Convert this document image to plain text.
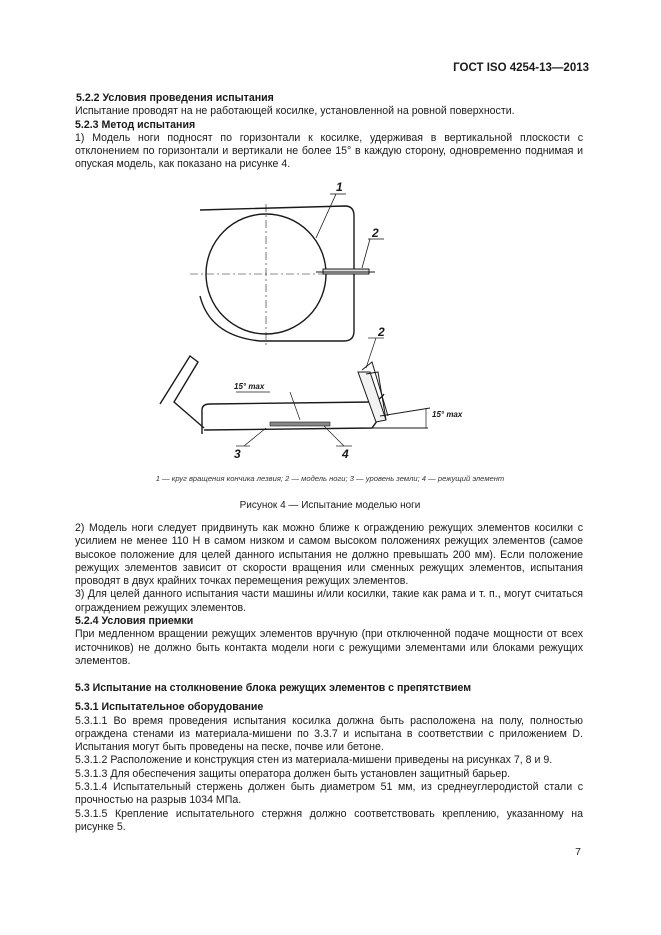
ГОСТ ISO 4254-13—2013

5.2.2 Условия проведения испытания

Испытание проводят на не работающей косилке, установленной на ровной поверхности.

5.2.3 Метод испытания

1) Модель ноги подносят по горизонтали к косилке, удерживая в вертикальной плоскости с отклонением по горизонтали и вертикали не более 15° в каждую сторону, одновременно поднимая и опуская модель, как показано на рисунке 4.

1
2
2
3	4
15° max
15° max
1 — круг вращения кончика лезвия; 2 — модель ноги; 3 — уровень земли; 4 — режущий элемент
Рисунок 4 — Испытание моделью ноги

2) Модель ноги следует придвинуть как можно ближе к ограждению режущих элементов косилки с усилием не менее 110 Н в самом низком и самом высоком положениях режущих элементов (самое высокое положение для целей данного испытания не должно превышать 200 мм). Если положение режущих элементов зависит от скорости вращения или сменных режущих элементов, испытания проводят в двух крайних точках перемещения режущих элементов.

3) Для целей данного испытания части машины и/или косилки, такие как рама и т. п., могут считаться ограждением режущих элементов.

5.2.4 Условия приемки

При медленном вращении режущих элементов вручную (при отключенной подаче мощности от всех источников) не должно быть контакта модели ноги с режущими элементами или блоками режущих элементов.

5.3 Испытание на столкновение блока режущих элементов с препятствием

5.3.1 Испытательное оборудование

5.3.1.1 Во время проведения испытания косилка должна быть расположена на полу, полностью ограждена стенами из материала-мишени по 3.3.7 и испытана в соответствии с приложением D. Испытания могут быть проведены на песке, почве или бетоне.

5.3.1.2 Расположение и конструкция стен из материала-мишени приведены на рисунках 7, 8 и 9.

5.3.1.3 Для обеспечения защиты оператора должен быть установлен защитный барьер.

5.3.1.4 Испытательный стержень должен быть диаметром 51 мм, из среднеуглеродистой стали с прочностью на разрыв 1034 МПа.

5.3.1.5 Крепление испытательного стержня должно соответствовать креплению, указанному на рисунке 5.

7
